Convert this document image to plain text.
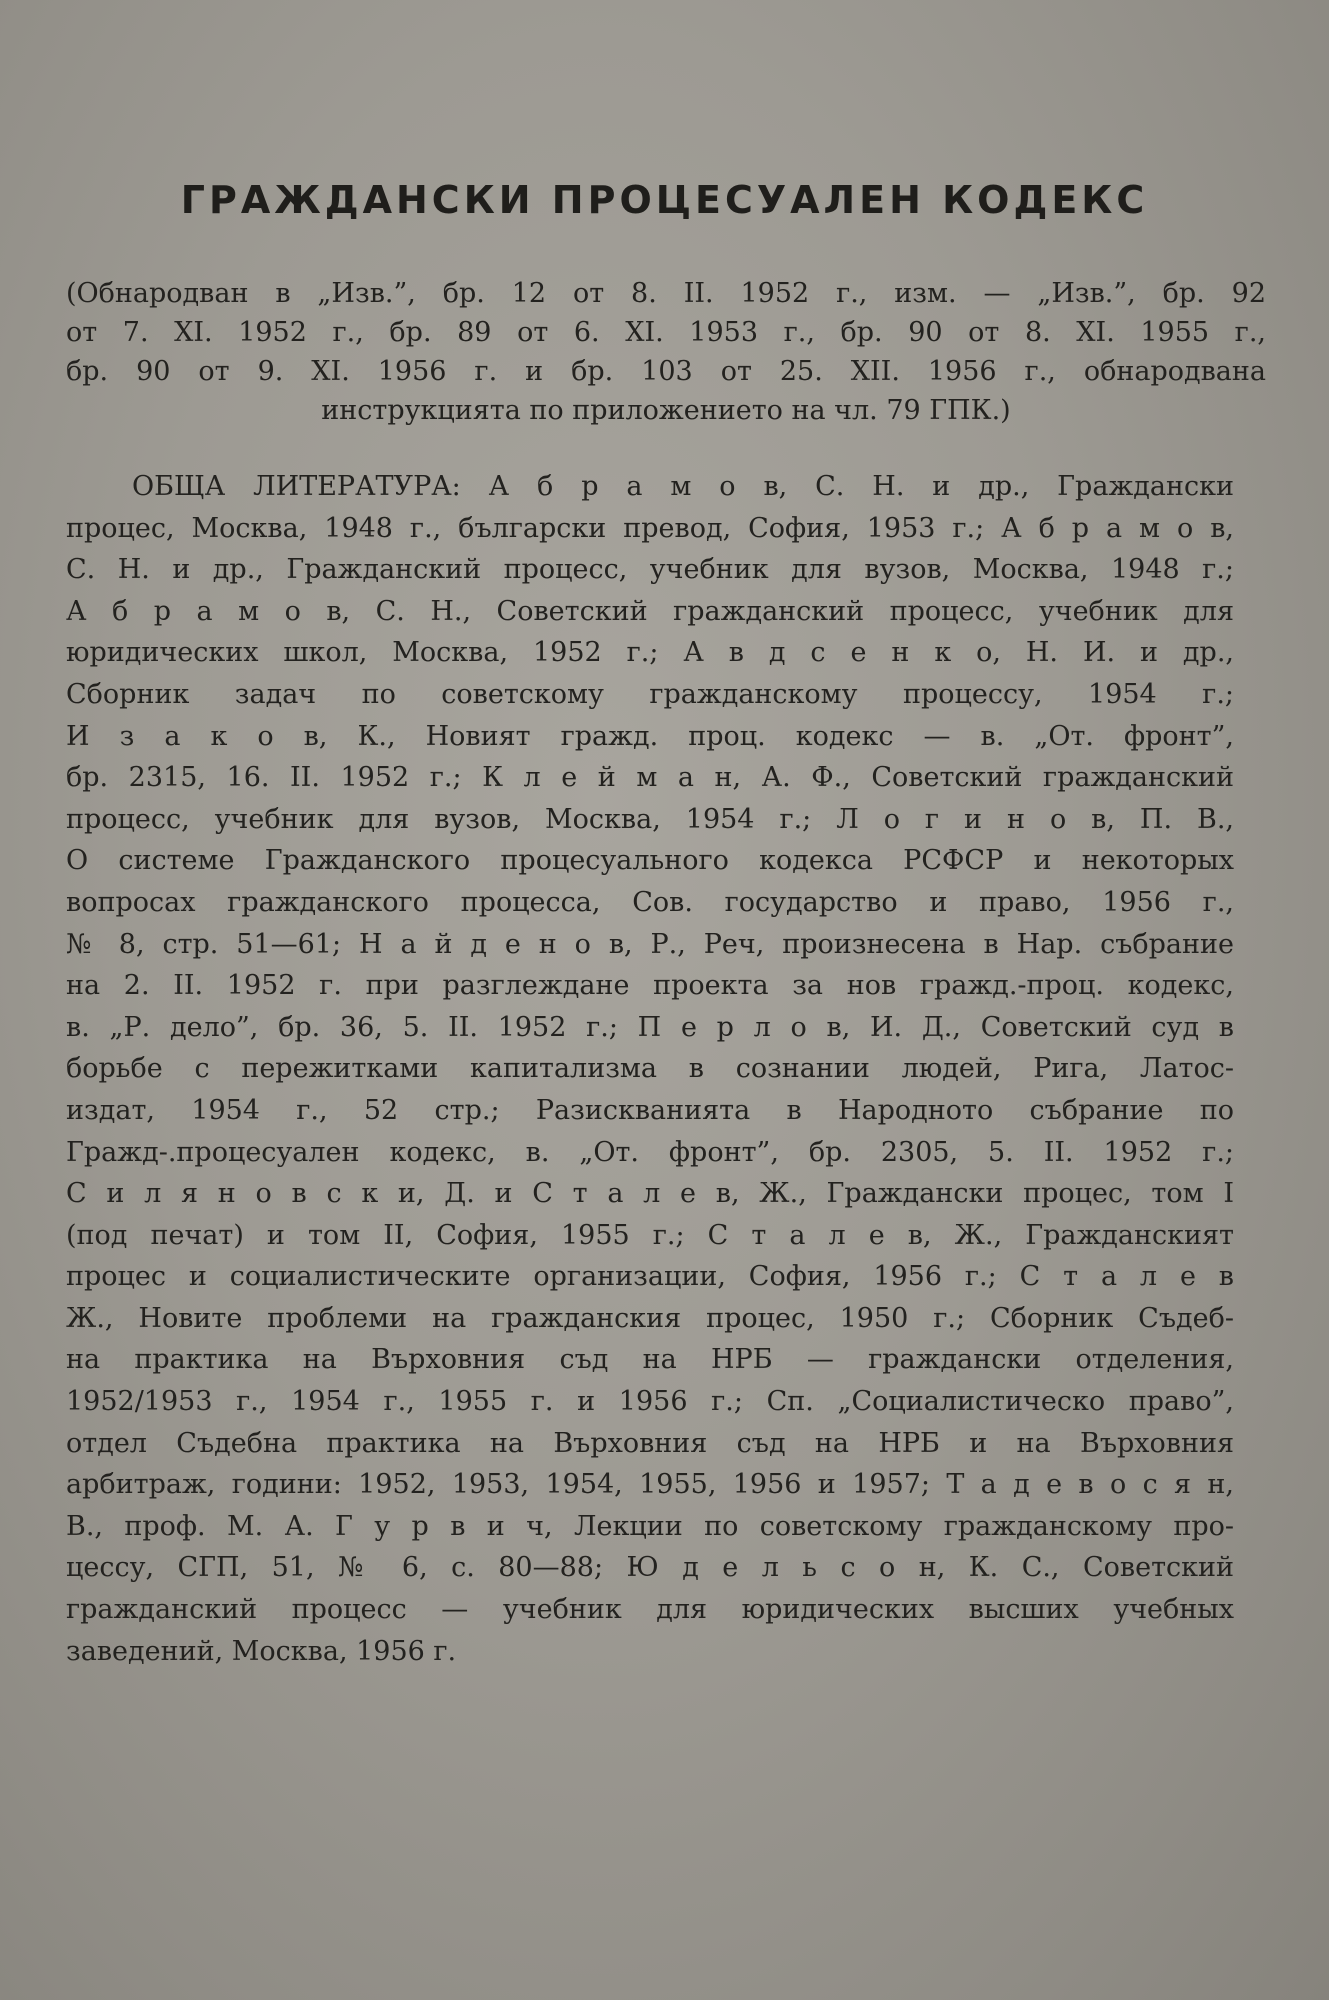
ГРАЖДАНСКИ ПРОЦЕСУАЛЕН КОДЕКС
(Обнародван в „Изв.”, бр. 12 от 8. II. 1952 г., изм. — „Изв.”, бр. 92
от 7. XI. 1952 г., бр. 89 от 6. XI. 1953 г., бр. 90 от 8. XI. 1955 г.,
бр. 90 от 9. XI. 1956 г. и бр. 103 от 25. XII. 1956 г., обнародвана
инструкцията по приложението на чл. 79 ГПК.)
ОБЩА ЛИТЕРАТУРА: А б р а м о в, С. Н. и др., Граждански
процес, Москва, 1948 г., български превод, София, 1953 г.; А б р а м о в,
С. Н. и др., Гражданский процесс, учебник для вузов, Москва, 1948 г.;
А б р а м о в, С. Н., Советский гражданский процесс, учебник для
юридических школ, Москва, 1952 г.; А в д с е н к о, Н. И. и др.,
Сборник задач по советскому гражданскому процессу, 1954 г.;
И з а к о в, К., Новият гражд. проц. кодекс — в. „От. фронт”,
бр. 2315, 16. II. 1952 г.; К л е й м а н, А. Ф., Советский гражданский
процесс, учебник для вузов, Москва, 1954 г.; Л о г и н о в, П. В.,
О системе Гражданского процесуального кодекса РСФСР и некоторых
вопросах гражданского процесса, Сов. государство и право, 1956 г.,
№ 8, стр. 51—61; Н а й д е н о в, Р., Реч, произнесена в Нар. събрание
на 2. II. 1952 г. при разглеждане проекта за нов гражд.-проц. кодекс,
в. „Р. дело”, бр. 36, 5. II. 1952 г.; П е р л о в, И. Д., Советский суд в
борьбе с пережитками капитализма в сознании людей, Рига, Латос-
издат, 1954 г., 52 стр.; Разискванията в Народното събрание по
Гражд-.процесуален кодекс, в. „От. фронт”, бр. 2305, 5. II. 1952 г.;
С и л я н о в с к и, Д. и С т а л е в, Ж., Граждански процес, том I
(под печат) и том II, София, 1955 г.; С т а л е в, Ж., Гражданският
процес и социалистическите организации, София, 1956 г.; С т а л е в
Ж., Новите проблеми на гражданския процес, 1950 г.; Сборник Съдеб-
на практика на Върховния съд на НРБ — граждански отделения,
1952/1953 г., 1954 г., 1955 г. и 1956 г.; Сп. „Социалистическо право”,
отдел Съдебна практика на Върховния съд на НРБ и на Върховния
арбитраж, години: 1952, 1953, 1954, 1955, 1956 и 1957; Т а д е в о с я н,
В., проф. М. А. Г у р в и ч, Лекции по советскому гражданскому про-
цессу, СГП, 51, № 6, с. 80—88; Ю д е л ь с о н, К. С., Советский
гражданский процесс — учебник для юридических высших учебных
заведений, Москва, 1956 г.
